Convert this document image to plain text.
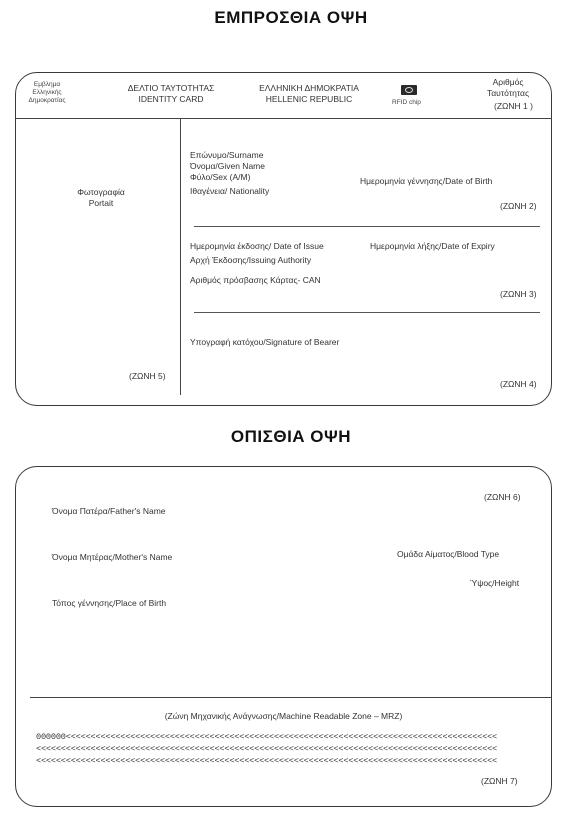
ΕΜΠΡΟΣΘΙΑ ΟΨΗ
Εμβλημα
Ελληνικής
Δημοκρατίας
ΔΕΛΤΙΟ ΤΑΥΤΟΤΗΤΑΣ
IDENTITY CARD
ΕΛΛΗΝΙΚΗ ΔΗΜΟΚΡΑΤΙΑ
HELLENIC REPUBLIC	RFID chip
Αριθμός
Ταυτότητας
(ΖΩΝΗ 1 )
Φωτογραφία
Portait
(ΖΩΝΗ 5)
Επώνυμο/Surname
Όνομα/Given Name
Φύλο/Sex (A/M)
Ιθαγένεια/ Nationality
Ημερομηνία γέννησης/Date of Birth
(ΖΩΝΗ 2)
Ημερομηνία έκδοσης/ Date of Issue	Ημερομηνία λήξης/Date of Expiry
Αρχή Έκδοσης/Issuing Authority
Αριθμός πρόσβασης Κάρτας- CAN
(ΖΩΝΗ 3)
Υπογραφή κατόχου/Signature of Bearer
(ΖΩΝΗ 4)
ΟΠΙΣΘΙΑ ΟΨΗ
(ΖΩΝΗ 6)
Όνομα Πατέρα/Father's Name
Όνομα Μητέρας/Mother's Name	Ομάδα Αίματος/Blood Type
Ύψος/Height
Τόπος γέννησης/Place of Birth
(Ζώνη Μηχανικής Ανάγνωσης/Machine Readable Zone – MRZ)
000000<<<<<<<<<<<<<<<<<<<<<<<<<<<<<<<<<<<<<<<<<<<<<<<<<<<<<<<<<<<<<<<<<<<<<<<<<<<<<<<<<<<<<<<
<<<<<<<<<<<<<<<<<<<<<<<<<<<<<<<<<<<<<<<<<<<<<<<<<<<<<<<<<<<<<<<<<<<<<<<<<<<<<<<<<<<<<<<<<<<<<
<<<<<<<<<<<<<<<<<<<<<<<<<<<<<<<<<<<<<<<<<<<<<<<<<<<<<<<<<<<<<<<<<<<<<<<<<<<<<<<<<<<<<<<<<<<<<
(ΖΩΝΗ 7)
